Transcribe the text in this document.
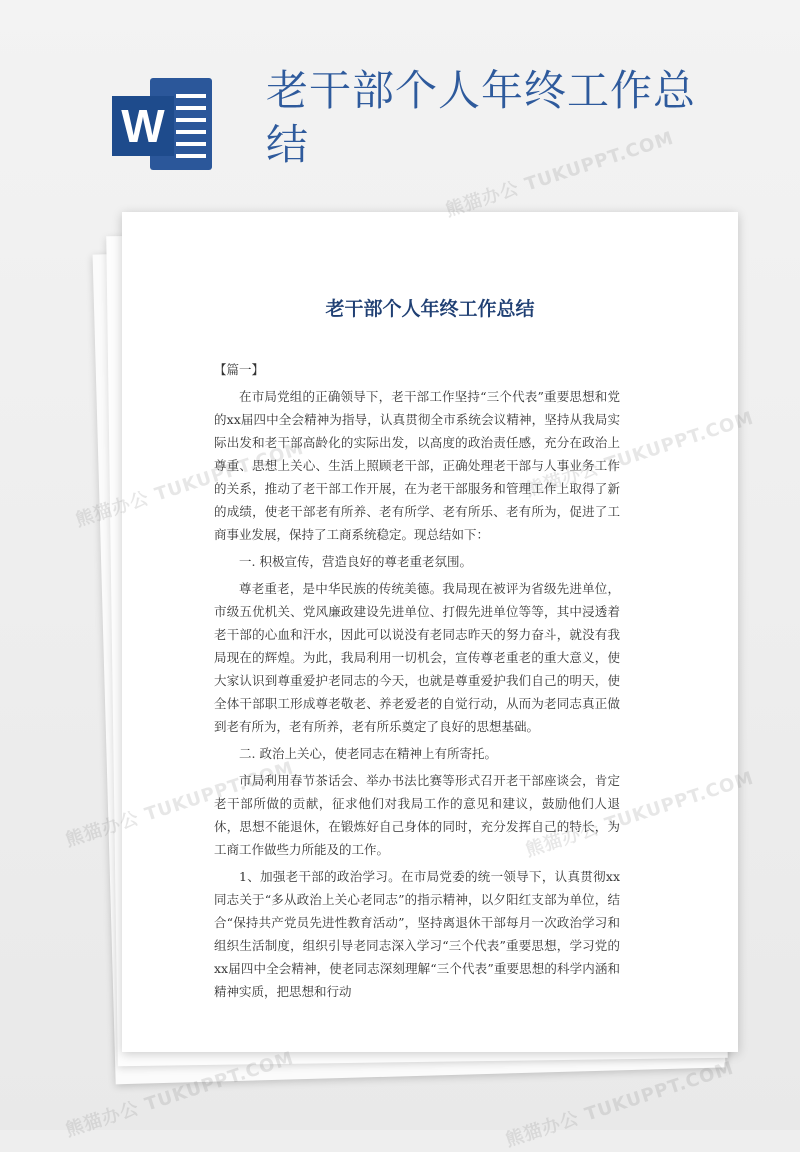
W
老干部个人年终工作总结
老干部个人年终工作总结

【篇一】

在市局党组的正确领导下，老干部工作坚持“三个代表”重要思想和党的xx届四中全会精神为指导，认真贯彻全市系统会议精神，坚持从我局实际出发和老干部高龄化的实际出发，以高度的政治责任感，充分在政治上尊重、思想上关心、生活上照顾老干部，正确处理老干部与人事业务工作的关系，推动了老干部工作开展，在为老干部服务和管理工作上取得了新的成绩，使老干部老有所养、老有所学、老有所乐、老有所为，促进了工商事业发展，保持了工商系统稳定。现总结如下：

一. 积极宣传，营造良好的尊老重老氛围。

尊老重老，是中华民族的传统美德。我局现在被评为省级先进单位，市级五优机关、党风廉政建设先进单位、打假先进单位等等，其中浸透着老干部的心血和汗水，因此可以说没有老同志昨天的努力奋斗，就没有我局现在的辉煌。为此，我局利用一切机会，宣传尊老重老的重大意义，使大家认识到尊重爱护老同志的今天，也就是尊重爱护我们自己的明天，使全体干部职工形成尊老敬老、养老爱老的自觉行动，从而为老同志真正做到老有所为，老有所养，老有所乐奠定了良好的思想基础。

二. 政治上关心，使老同志在精神上有所寄托。

市局利用春节茶话会、举办书法比赛等形式召开老干部座谈会，肯定老干部所做的贡献，征求他们对我局工作的意见和建议，鼓励他们人退休，思想不能退休，在锻炼好自己身体的同时，充分发挥自己的特长，为工商工作做些力所能及的工作。

1、加强老干部的政治学习。在市局党委的统一领导下，认真贯彻xx同志关于“多从政治上关心老同志”的指示精神，以夕阳红支部为单位，结合“保持共产党员先进性教育活动”，坚持离退休干部每月一次政治学习和组织生活制度，组织引导老同志深入学习“三个代表”重要思想，学习党的xx届四中全会精神，使老同志深刻理解“三个代表”重要思想的科学内涵和精神实质，把思想和行动
